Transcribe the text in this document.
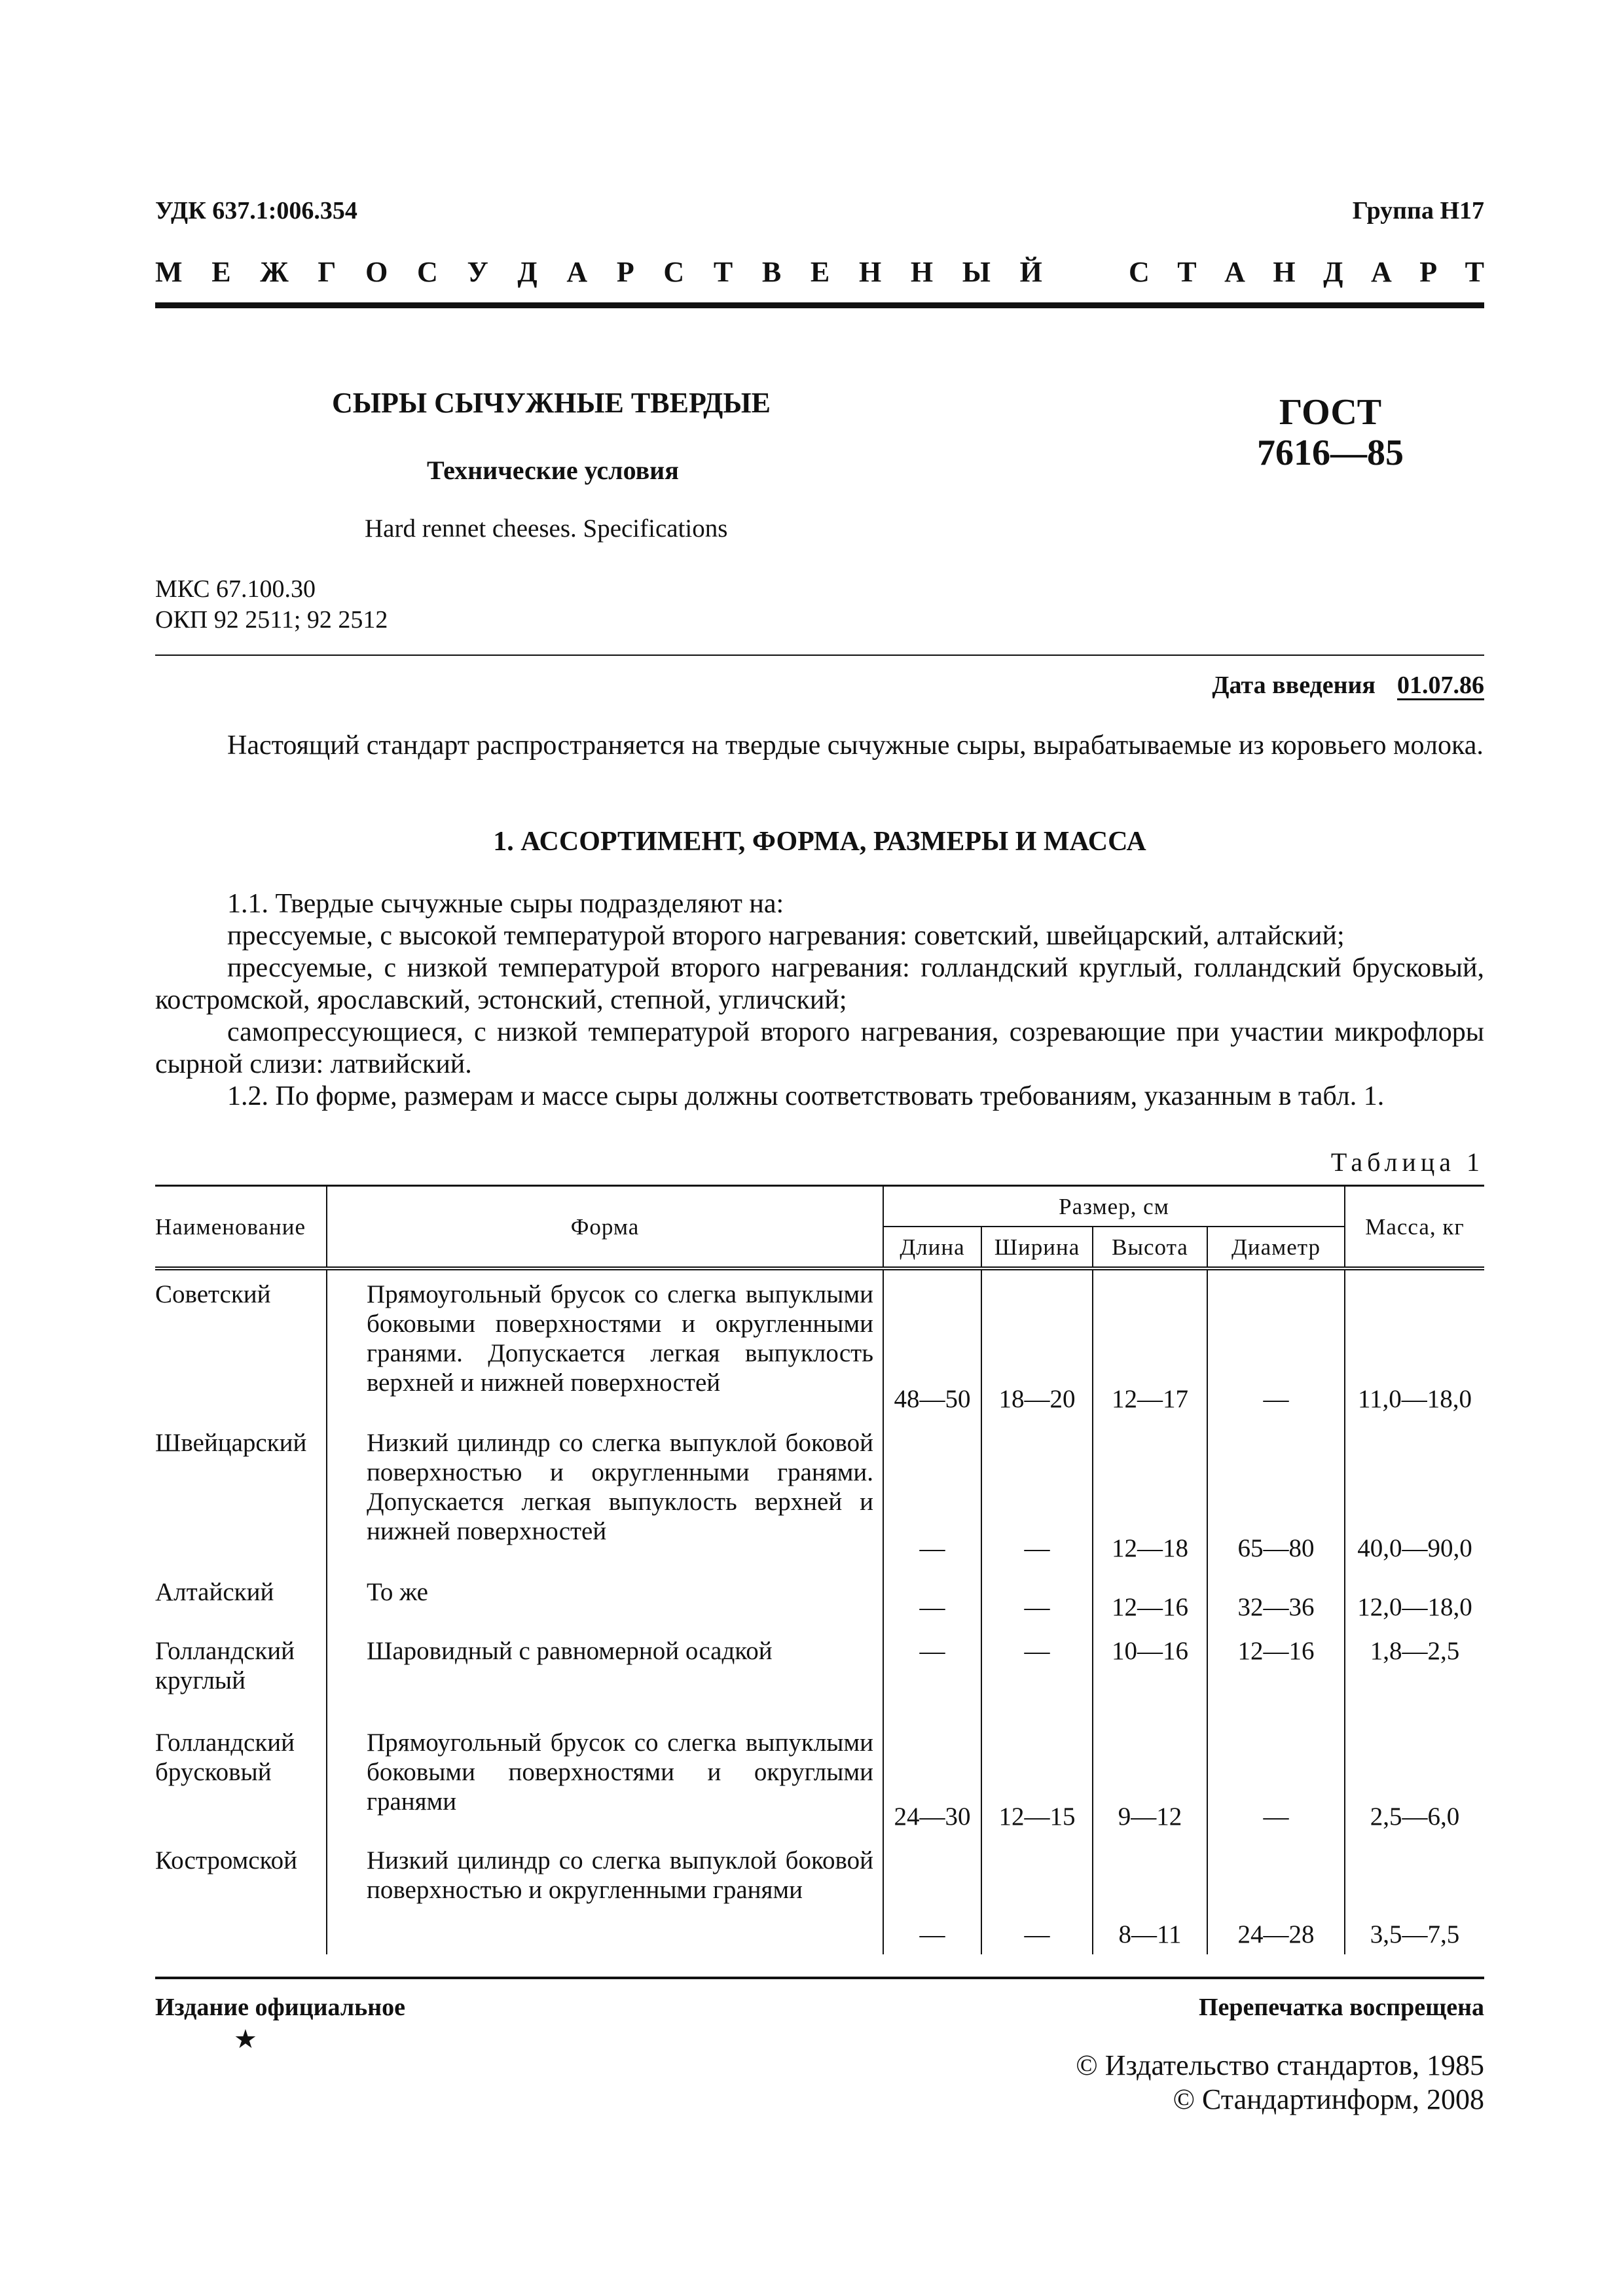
УДК 637.1:006.354	Группа Н17
М Е Ж Г О С У Д А Р С Т В Е Н Н Ы Й	С Т А Н Д А Р Т
СЫРЫ СЫЧУЖНЫЕ ТВЕРДЫЕ
Технические условия
Hard rennet cheeses. Specifications
ГОСТ
7616—85
МКС 67.100.30
ОКП 92 2511; 92 2512
Дата введения 01.07.86
Настоящий стандарт распространяется на твердые сычужные сыры, вырабатываемые из коровьего молока.
1. АССОРТИМЕНТ, ФОРМА, РАЗМЕРЫ И МАССА
1.1. Твердые сычужные сыры подразделяют на:
прессуемые, с высокой температурой второго нагревания: советский, швейцарский, алтайский;
прессуемые, с низкой температурой второго нагревания: голландский круглый, голландский брусковый, костромской, ярославский, эстонский, степной, угличский;
самопрессующиеся, с низкой температурой второго нагревания, созревающие при участии микрофлоры сырной слизи: латвийский.
1.2. По форме, размерам и массе сыры должны соответствовать требованиям, указанным в табл. 1.
Таблица 1
Наименование	Форма	Размер, см				Масса, кг
		Длина	Ширина	Высота	Диаметр	
Советский	Прямоугольный брусок со слегка выпуклыми боковыми поверхностями и округленными гранями. Допускается легкая выпуклость верхней и нижней поверхностей	48—50	18—20	12—17	—	11,0—18,0
Швейцарский	Низкий цилиндр со слегка выпуклой боковой поверхностью и округленными гранями. Допускается легкая выпуклость верхней и нижней поверхностей	—	—	12—18	65—80	40,0—90,0
Алтайский	То же	—	—	12—16	32—36	12,0—18,0
Голландский круглый	Шаровидный с равномерной осадкой	—	—	10—16	12—16	1,8—2,5
Голландский брусковый	Прямоугольный брусок со слегка выпуклыми боковыми поверхностями и округлыми гранями	24—30	12—15	9—12	—	2,5—6,0
Костромской	Низкий цилиндр со слегка выпуклой боковой поверхностью и округленными гранями	—	—	8—11	24—28	3,5—7,5
Издание официальное
★
Перепечатка воспрещена
© Издательство стандартов, 1985
© Стандартинформ, 2008
